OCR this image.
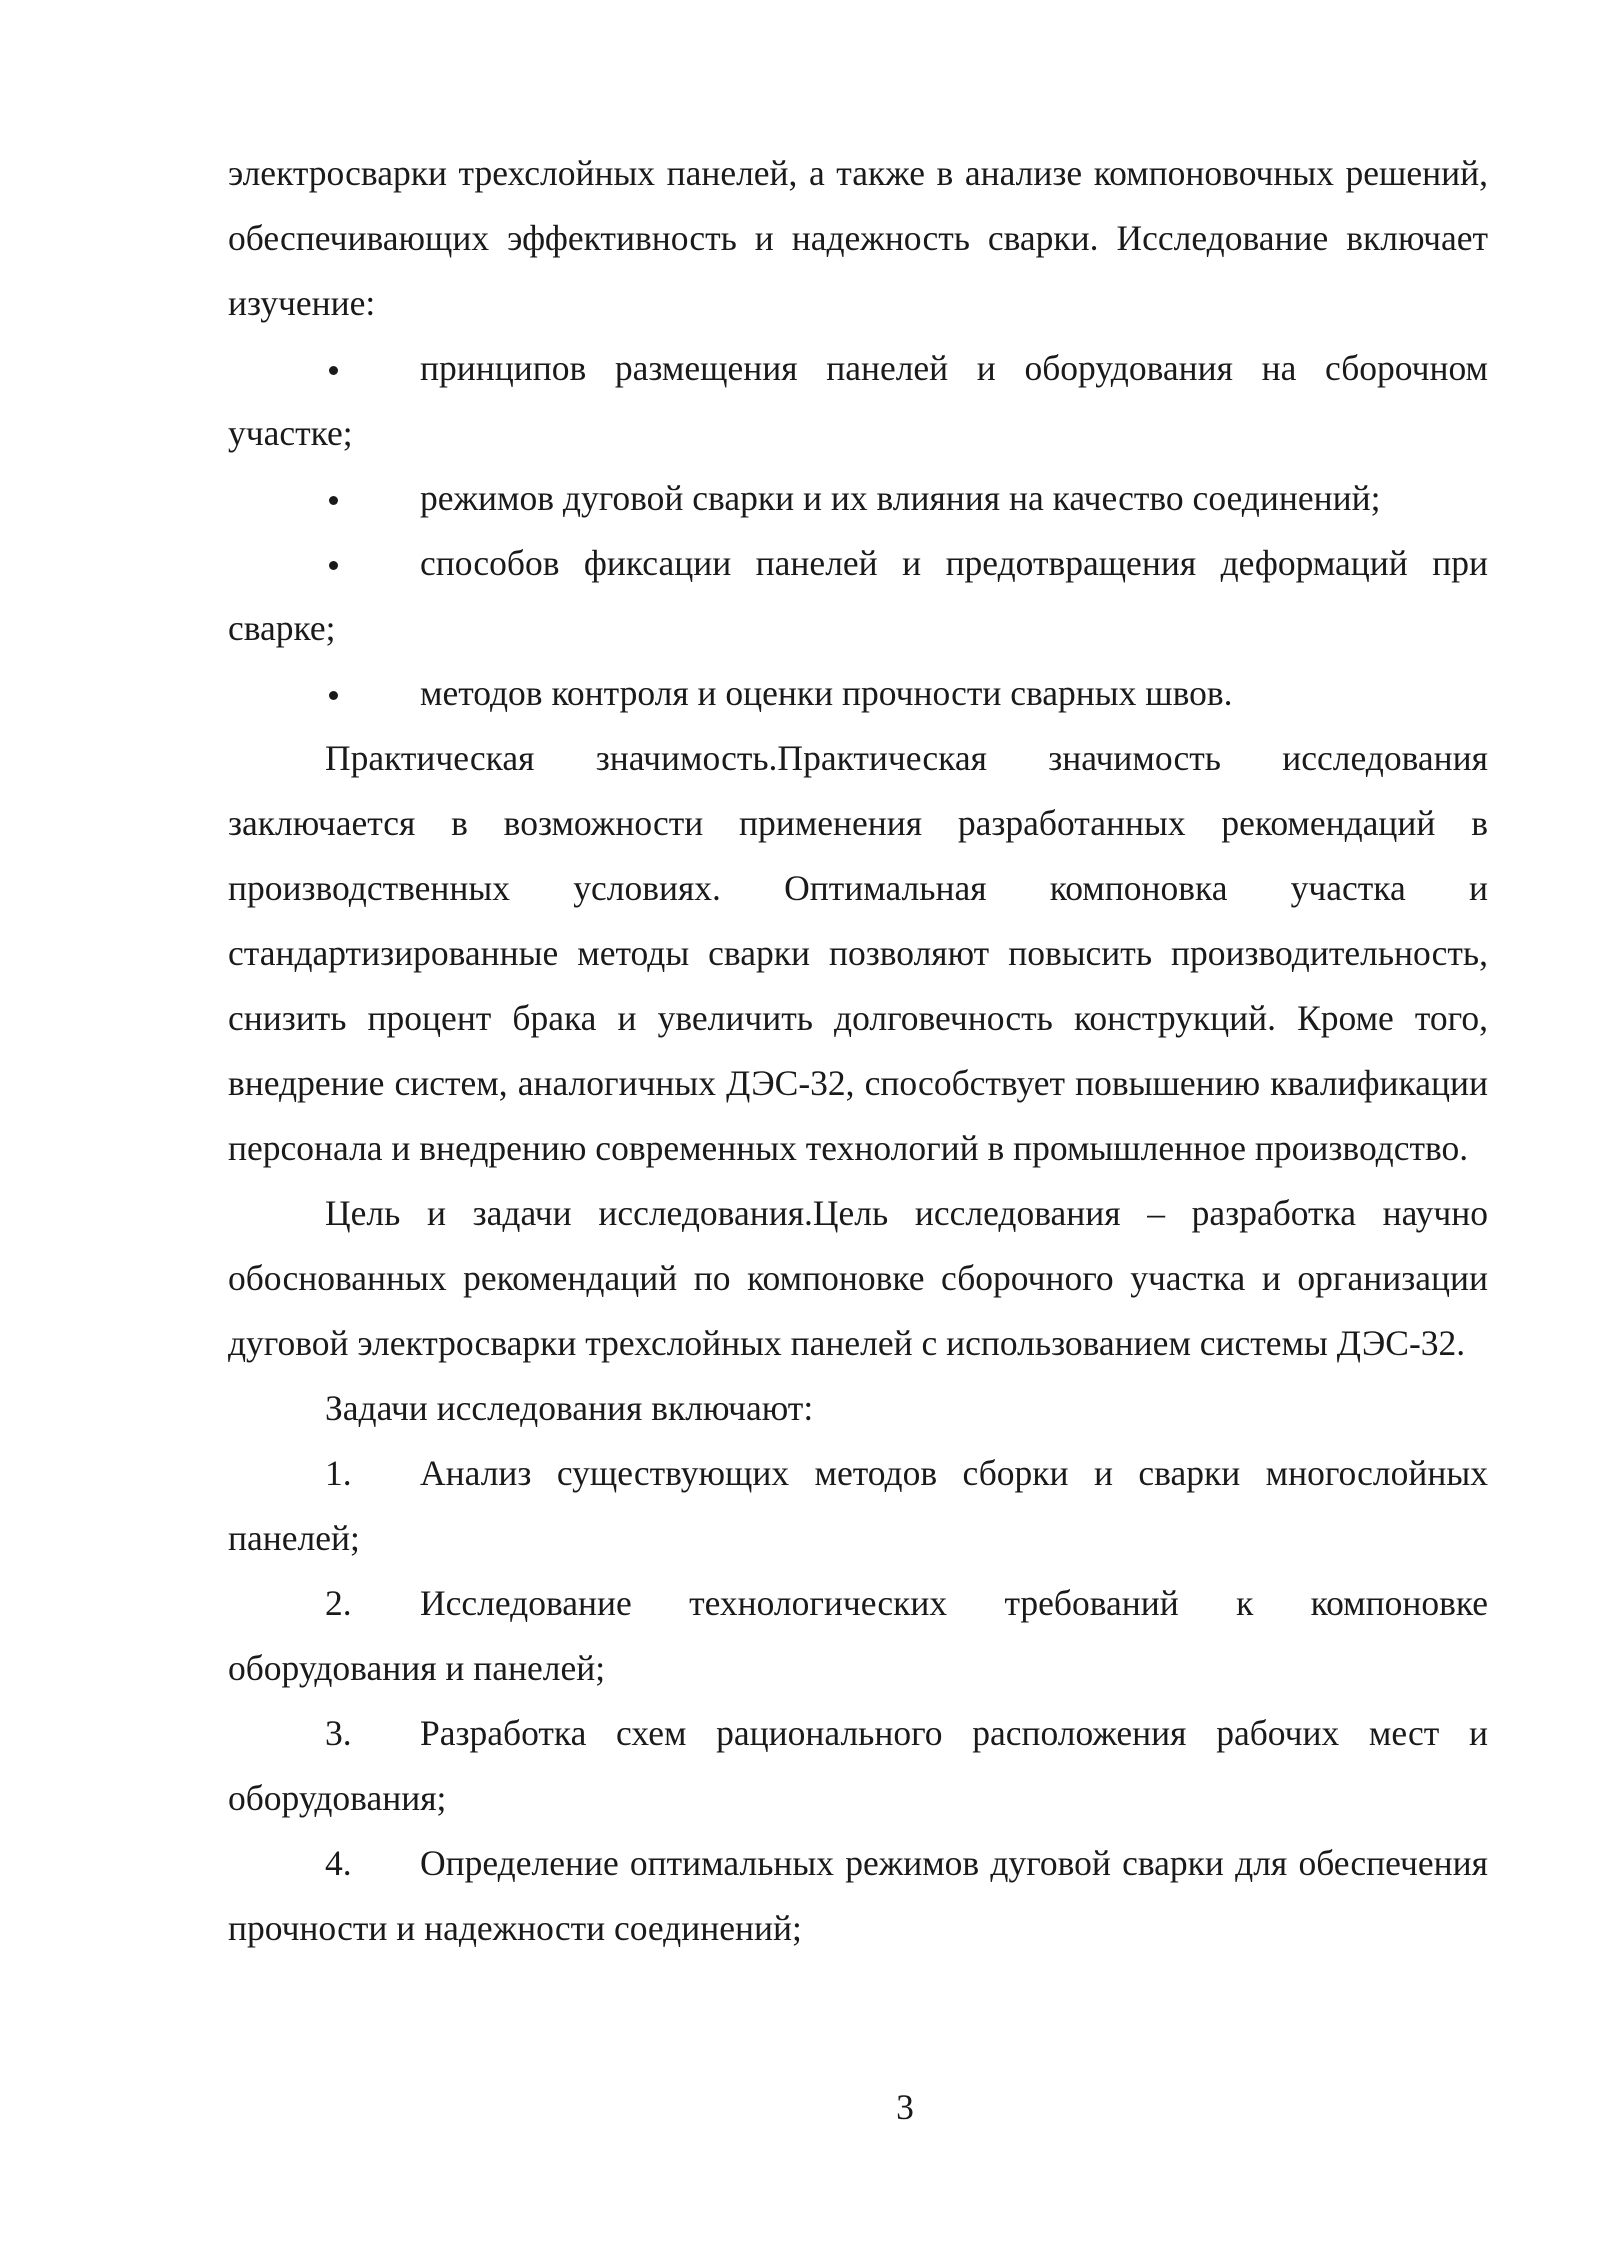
электросварки трехслойных панелей, а также в анализе компоновочных решений, обеспечивающих эффективность и надежность сварки. Исследование включает изучение:

принципов размещения панелей и оборудования на сборочном участке;

режимов дуговой сварки и их влияния на качество соединений;

способов фиксации панелей и предотвращения деформаций при сварке;

методов контроля и оценки прочности сварных швов.

Практическая значимость.Практическая значимость исследования заключается в возможности применения разработанных рекомендаций в производственных условиях. Оптимальная компоновка участка и стандартизированные методы сварки позволяют повысить производительность, снизить процент брака и увеличить долговечность конструкций. Кроме того, внедрение систем, аналогичных ДЭС-32, способствует повышению квалификации персонала и внедрению современных технологий в промышленное производство.

Цель и задачи исследования.Цель исследования – разработка научно обоснованных рекомендаций по компоновке сборочного участка и организации дуговой электросварки трехслойных панелей с использованием системы ДЭС-32.

Задачи исследования включают:

1.	Анализ существующих методов сборки и сварки многослойных панелей;

2.	Исследование технологических требований к компоновке оборудования и панелей;

3.	Разработка схем рационального расположения рабочих мест и оборудования;

4.	Определение оптимальных режимов дуговой сварки для обеспечения прочности и надежности соединений;

3
